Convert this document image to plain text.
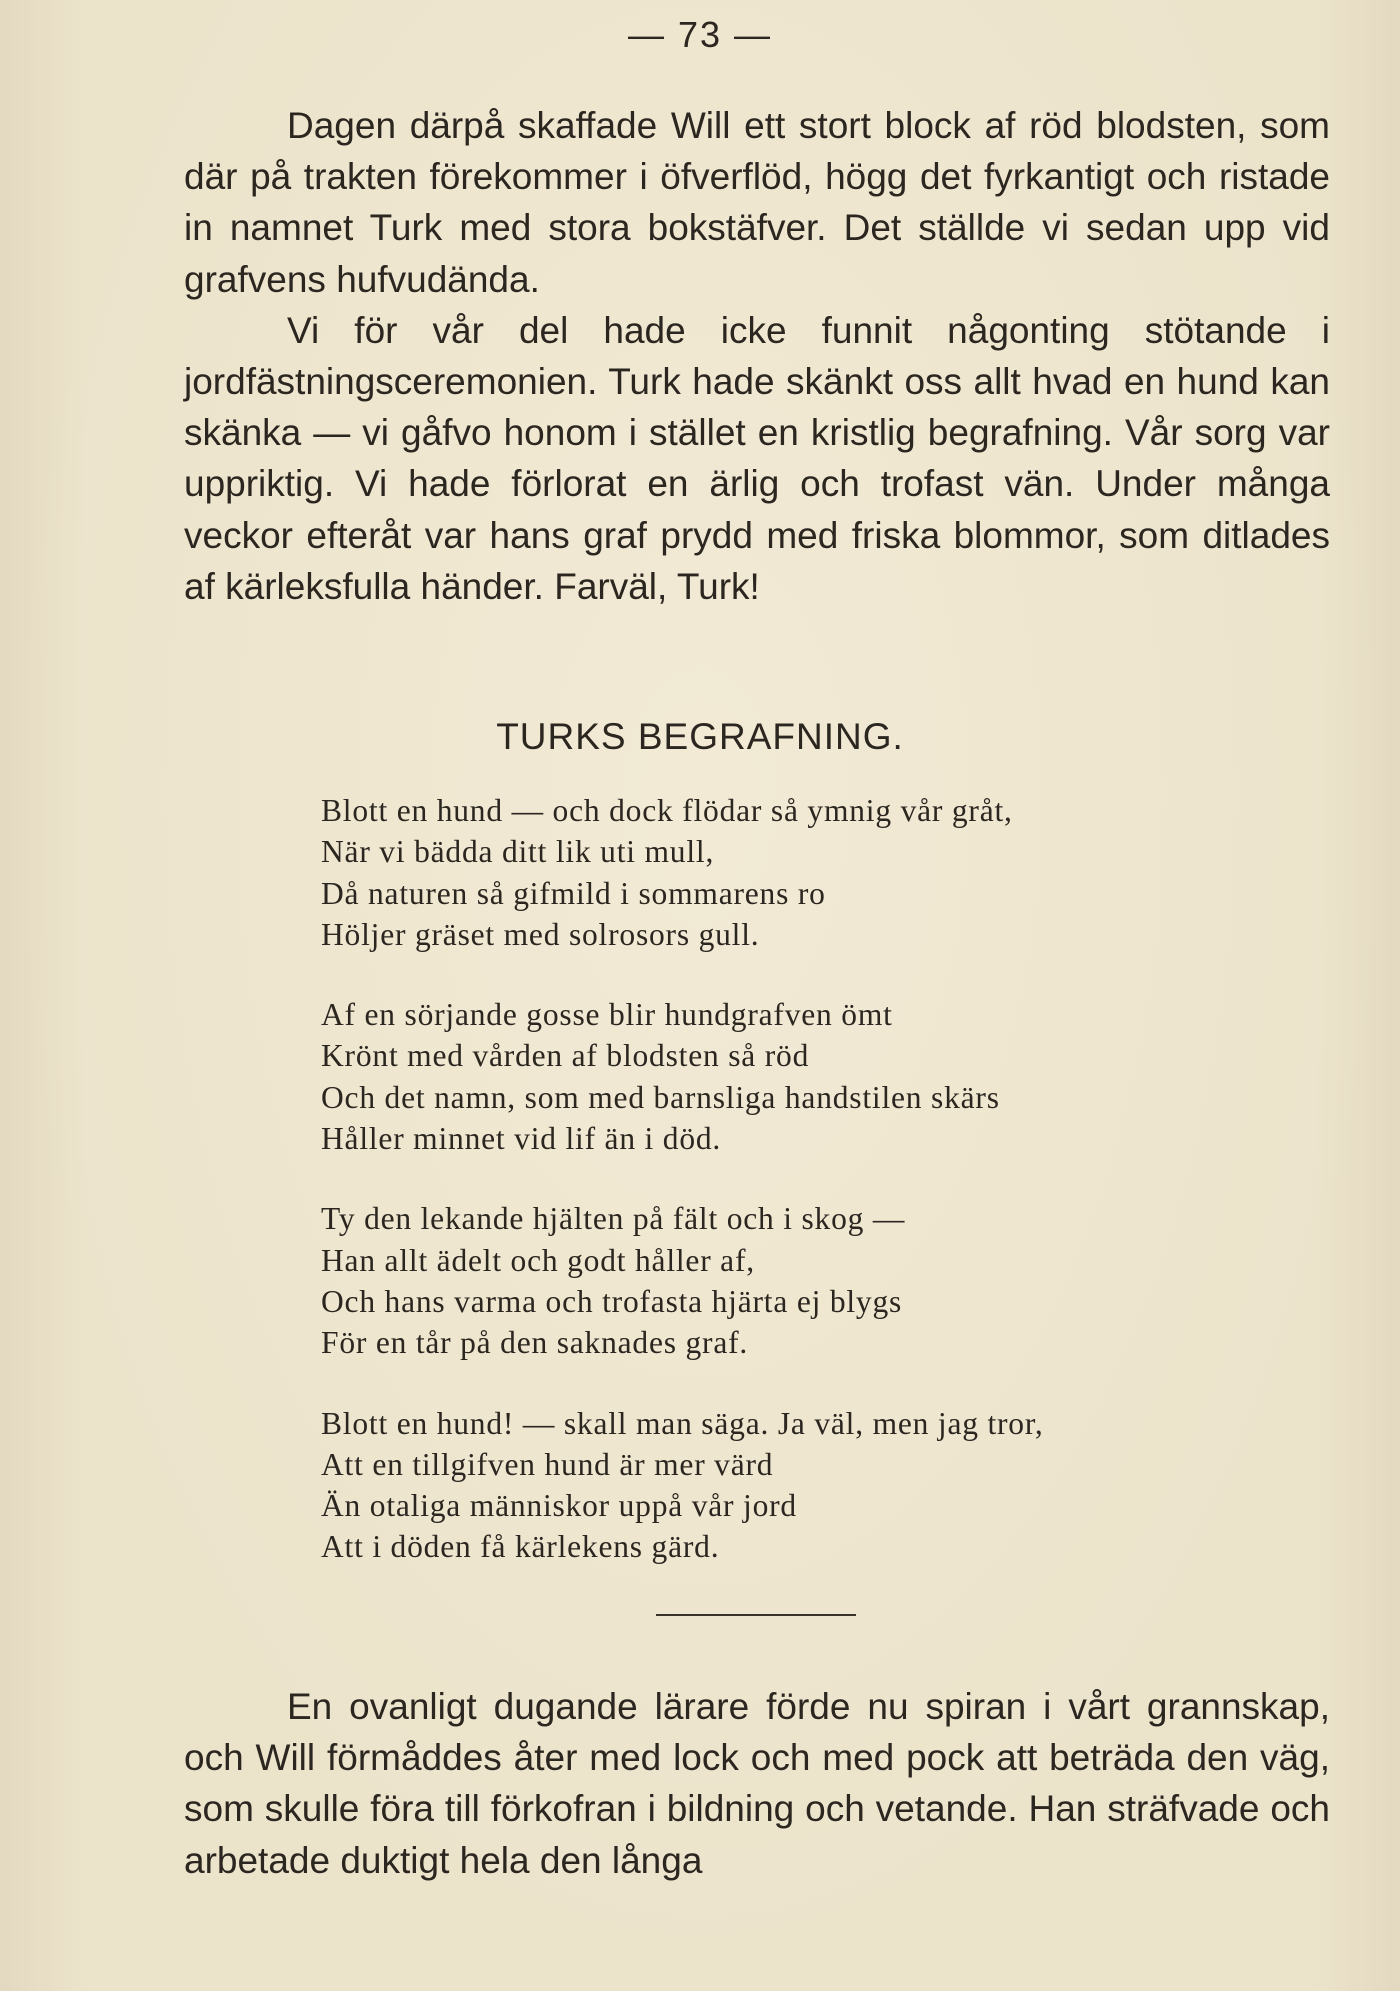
— 73 —

Dagen därpå skaffade Will ett stort block af röd blodsten, som där på trakten förekommer i öfverflöd, högg det fyrkantigt och ristade in namnet Turk med stora bokstäfver. Det ställde vi sedan upp vid grafvens hufvudända.

Vi för vår del hade icke funnit någonting stötande i jordfästningsceremonien. Turk hade skänkt oss allt hvad en hund kan skänka — vi gåfvo honom i stället en kristlig begrafning. Vår sorg var uppriktig. Vi hade förlorat en ärlig och trofast vän. Under många veckor efteråt var hans graf prydd med friska blommor, som ditlades af kärleksfulla händer. Farväl, Turk!

TURKS BEGRAFNING.
Blott en hund — och dock flödar så ymnig vår gråt,
När vi bädda ditt lik uti mull,
Då naturen så gifmild i sommarens ro
Höljer gräset med solrosors gull.
Af en sörjande gosse blir hundgrafven ömt
Krönt med vården af blodsten så röd
Och det namn, som med barnsliga handstilen skärs
Håller minnet vid lif än i död.
Ty den lekande hjälten på fält och i skog —
Han allt ädelt och godt håller af,
Och hans varma och trofasta hjärta ej blygs
För en tår på den saknades graf.
Blott en hund! — skall man säga. Ja väl, men jag tror,
Att en tillgifven hund är mer värd
Än otaliga människor uppå vår jord
Att i döden få kärlekens gärd.

En ovanligt dugande lärare förde nu spiran i vårt grannskap, och Will förmåddes åter med lock och med pock att beträda den väg, som skulle föra till förkofran i bildning och vetande. Han sträfvade och arbetade duktigt hela den långa
